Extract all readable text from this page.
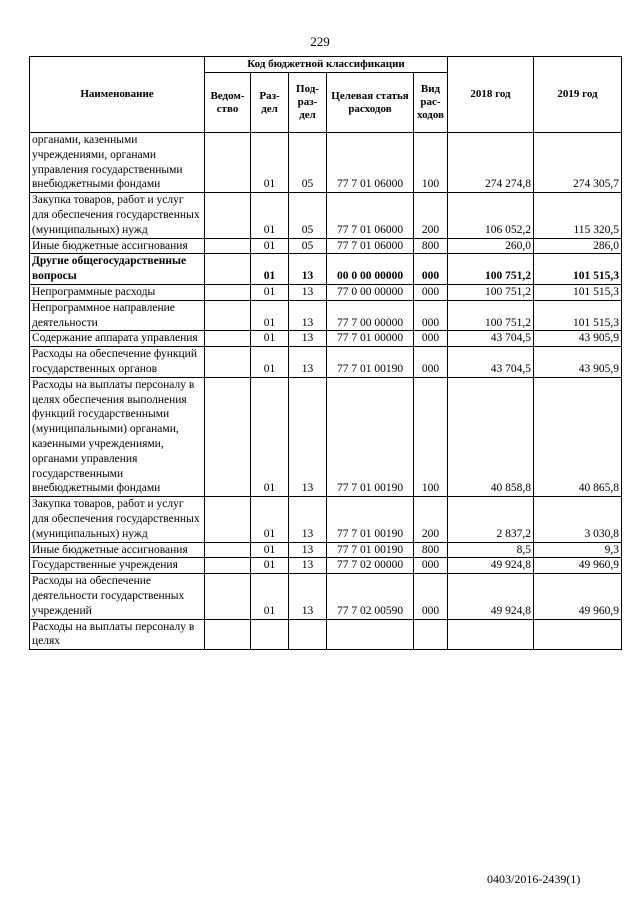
229
Наименование	Код бюджетной классификации					2018 год	2019 год
	Ведом-ство	Раз-дел	Под-раз-дел	Целевая статья расходов	Вид рас-ходов		
органами, казенными учреждениями, органами управления государственными внебюджетными фондами		01	05	77 7 01 06000	100	274 274,8	274 305,7
Закупка товаров, работ и услуг для обеспечения государственных (муниципальных) нужд		01	05	77 7 01 06000	200	106 052,2	115 320,5
Иные бюджетные ассигнования		01	05	77 7 01 06000	800	260,0	286,0
Другие общегосударственные вопросы		01	13	00 0 00 00000	000	100 751,2	101 515,3
Непрограммные расходы		01	13	77 0 00 00000	000	100 751,2	101 515,3
Непрограммное направление деятельности		01	13	77 7 00 00000	000	100 751,2	101 515,3
Содержание аппарата управления		01	13	77 7 01 00000	000	43 704,5	43 905,9
Расходы на обеспечение функций государственных органов		01	13	77 7 01 00190	000	43 704,5	43 905,9
Расходы на выплаты персоналу в целях обеспечения выполнения функций государственными (муниципальными) органами, казенными учреждениями, органами управления государственными внебюджетными фондами		01	13	77 7 01 00190	100	40 858,8	40 865,8
Закупка товаров, работ и услуг для обеспечения государственных (муниципальных) нужд		01	13	77 7 01 00190	200	2 837,2	3 030,8
Иные бюджетные ассигнования		01	13	77 7 01 00190	800	8,5	9,3
Государственные учреждения		01	13	77 7 02 00000	000	49 924,8	49 960,9
Расходы на обеспечение деятельности государственных учреждений		01	13	77 7 02 00590	000	49 924,8	49 960,9
Расходы на выплаты персоналу в целях							
0403/2016-2439(1)
